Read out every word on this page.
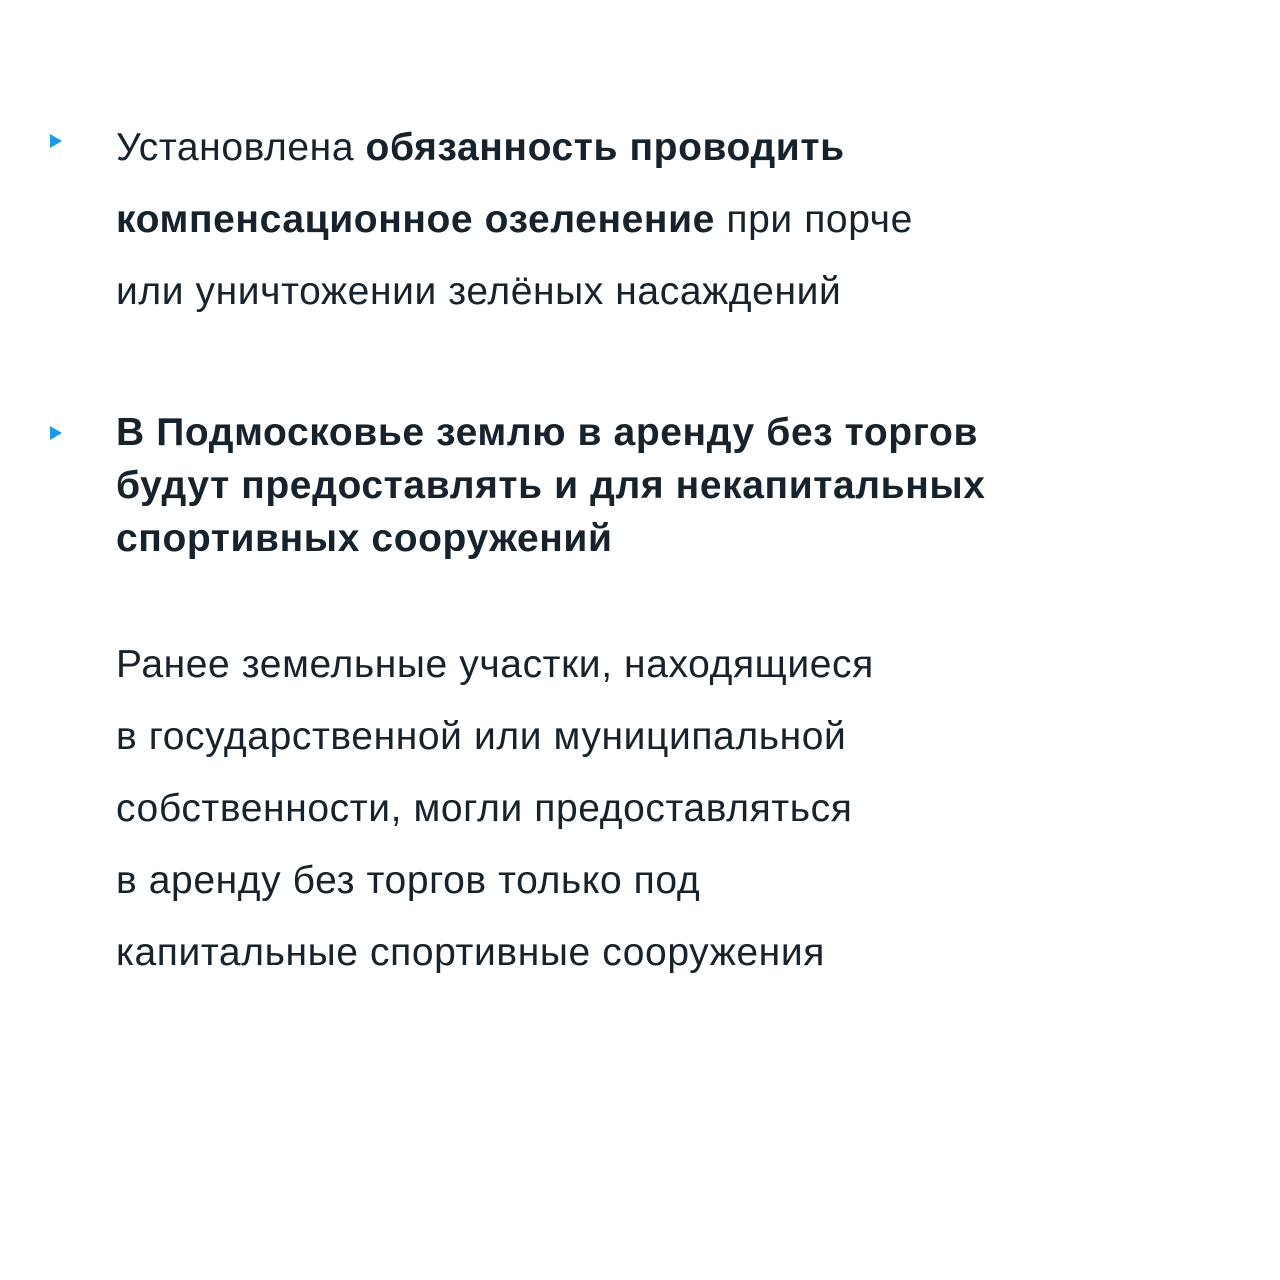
Установлена обязанность проводить
компенсационное озеленение при порче
или уничтожении зелёных насаждений
В Подмосковье землю в аренду без торгов
будут предоставлять и для некапитальных
спортивных сооружений
Ранее земельные участки, находящиеся
в государственной или муниципальной
собственности, могли предоставляться
в аренду без торгов только под
капитальные спортивные сооружения
